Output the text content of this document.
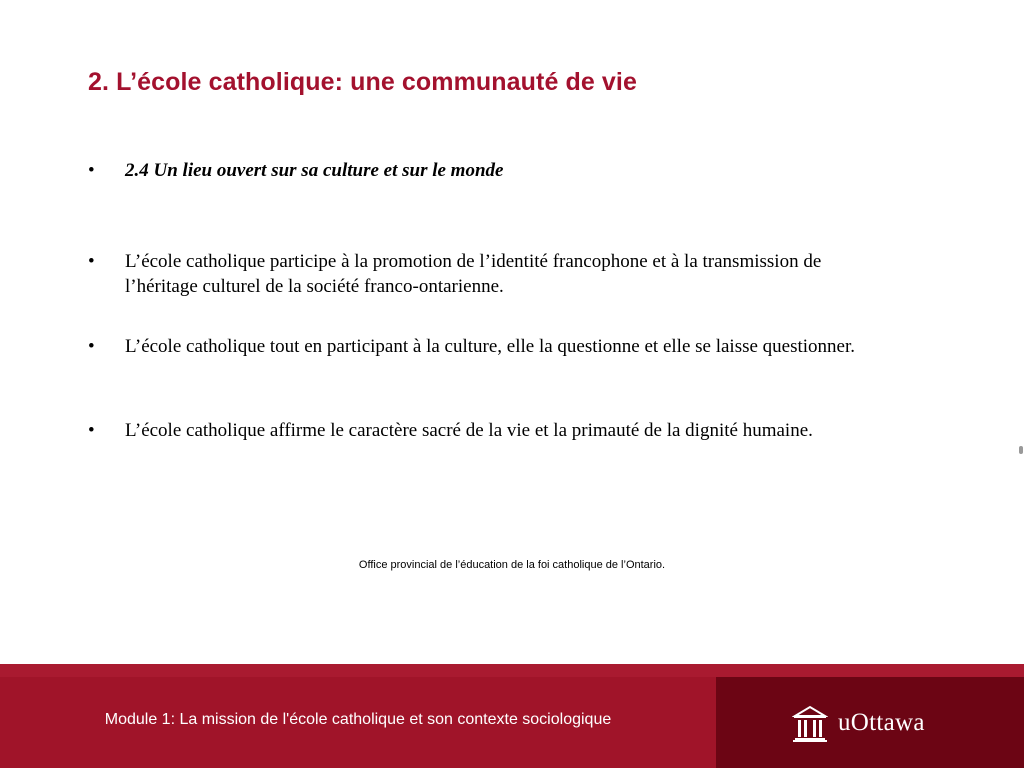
2. L’école catholique: une communauté de vie
•	2.4 Un lieu ouvert sur sa culture et sur le monde
•	L’école catholique participe à la promotion de l’identité francophone et à la transmission de l’héritage culturel de la société franco-ontarienne.
•	L’école catholique tout en participant à la culture, elle la questionne et elle se laisse questionner.
•	L’école catholique affirme le caractère sacré de la vie et la primauté de la dignité humaine.
Office provincial de l’éducation de la foi catholique de l’Ontario.
Module 1: La mission de l'école catholique et son contexte sociologique	uOttawa
